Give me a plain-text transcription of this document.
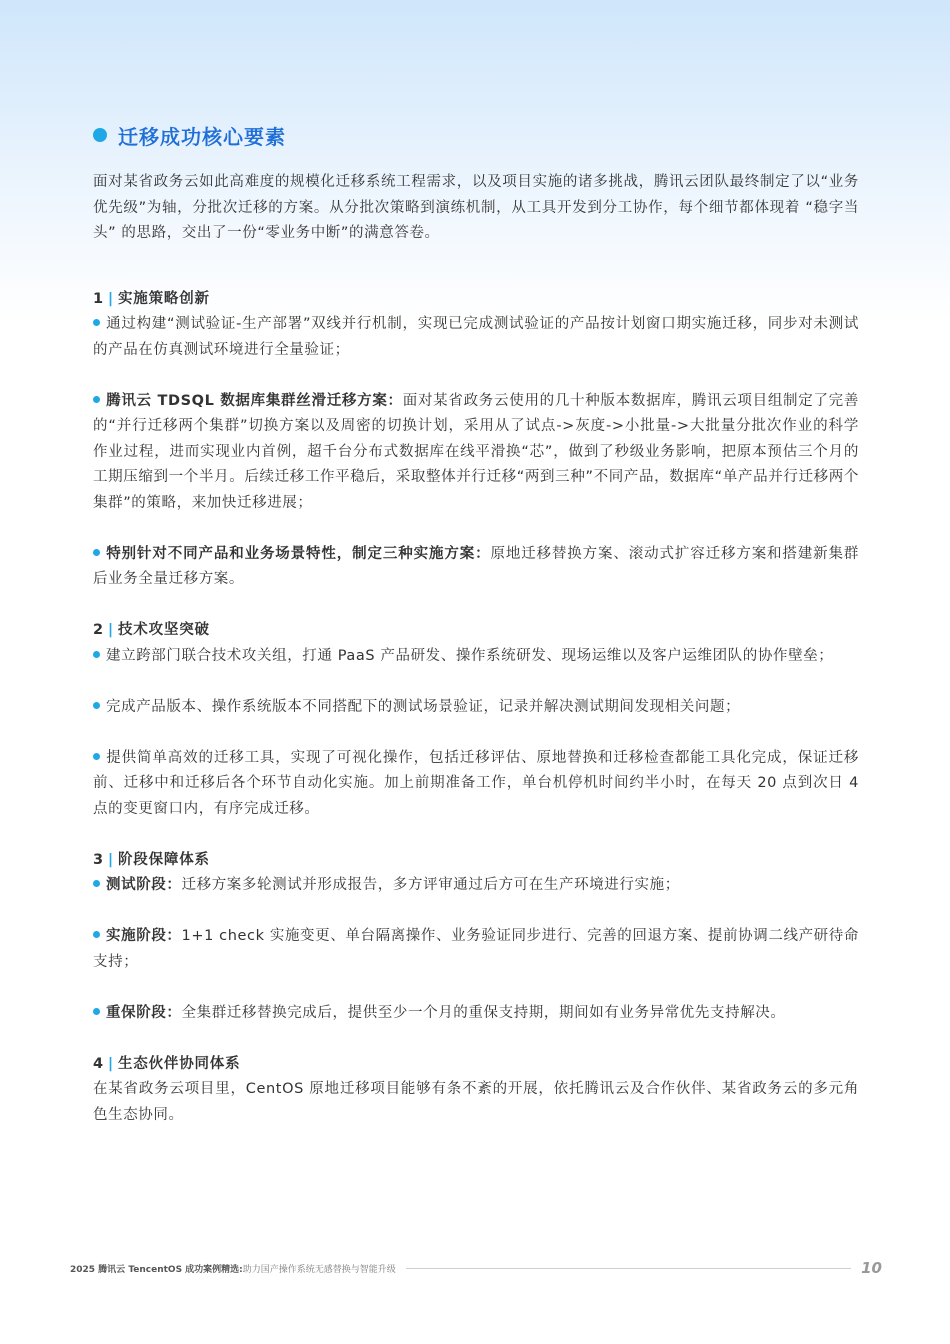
迁移成功核心要素

面对某省政务云如此高难度的规模化迁移系统工程需求，以及项目实施的诸多挑战，腾讯云团队最终制定了以“业务优先级”为轴，分批次迁移的方案。从分批次策略到演练机制，从工具开发到分工协作，每个细节都体现着 “稳字当头” 的思路，交出了一份“零业务中断”的满意答卷。

1 | 实施策略创新

通过构建“测试验证-生产部署”双线并行机制，实现已完成测试验证的产品按计划窗口期实施迁移，同步对未测试的产品在仿真测试环境进行全量验证；

腾讯云 TDSQL 数据库集群丝滑迁移方案：面对某省政务云使用的几十种版本数据库，腾讯云项目组制定了完善的“并行迁移两个集群”切换方案以及周密的切换计划，采用从了试点->灰度->小批量->大批量分批次作业的科学作业过程，进而实现业内首例，超千台分布式数据库在线平滑换“芯”，做到了秒级业务影响，把原本预估三个月的工期压缩到一个半月。后续迁移工作平稳后，采取整体并行迁移“两到三种”不同产品，数据库“单产品并行迁移两个集群”的策略，来加快迁移进展；

特别针对不同产品和业务场景特性，制定三种实施方案：原地迁移替换方案、滚动式扩容迁移方案和搭建新集群后业务全量迁移方案。

2 | 技术攻坚突破

建立跨部门联合技术攻关组，打通 PaaS 产品研发、操作系统研发、现场运维以及客户运维团队的协作壁垒；

完成产品版本、操作系统版本不同搭配下的测试场景验证，记录并解决测试期间发现相关问题；

提供简单高效的迁移工具，实现了可视化操作，包括迁移评估、原地替换和迁移检查都能工具化完成，保证迁移前、迁移中和迁移后各个环节自动化实施。加上前期准备工作，单台机停机时间约半小时，在每天 20 点到次日 4 点的变更窗口内，有序完成迁移。

3 | 阶段保障体系

测试阶段：迁移方案多轮测试并形成报告，多方评审通过后方可在生产环境进行实施；

实施阶段：1+1 check 实施变更、单台隔离操作、业务验证同步进行、完善的回退方案、提前协调二线产研待命支持；

重保阶段：全集群迁移替换完成后，提供至少一个月的重保支持期，期间如有业务异常优先支持解决。

4 | 生态伙伴协同体系

在某省政务云项目里，CentOS 原地迁移项目能够有条不紊的开展，依托腾讯云及合作伙伴、某省政务云的多元角色生态协同。

2025 腾讯云 TencentOS 成功案例精选:助力国产操作系统无感替换与智能升级	10
